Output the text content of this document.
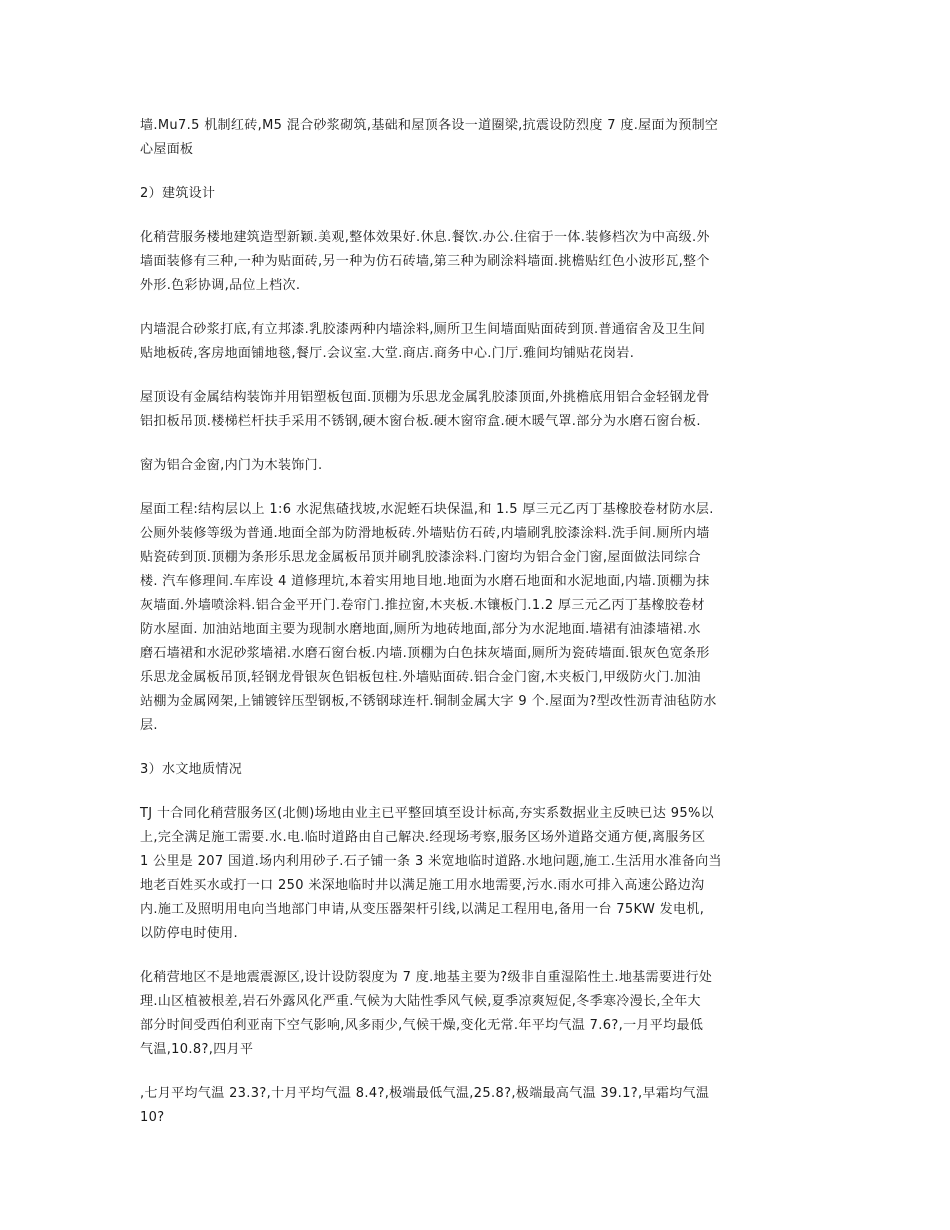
墙.Mu7.5 机制红砖,M5 混合砂浆砌筑,基础和屋顶各设一道圈梁,抗震设防烈度 7 度.屋面为预制空
心屋面板

2）建筑设计

化稍营服务楼地建筑造型新颖.美观,整体效果好.休息.餐饮.办公.住宿于一体.装修档次为中高级.外
墙面装修有三种,一种为贴面砖,另一种为仿石砖墙,第三种为刷涂料墙面.挑檐贴红色小波形瓦,整个
外形.色彩协调,品位上档次.

内墙混合砂浆打底,有立邦漆.乳胶漆两种内墙涂料,厕所卫生间墙面贴面砖到顶.普通宿舍及卫生间
贴地板砖,客房地面铺地毯,餐厅.会议室.大堂.商店.商务中心.门厅.雅间均铺贴花岗岩.

屋顶设有金属结构装饰并用铝塑板包面.顶棚为乐思龙金属乳胶漆顶面,外挑檐底用铝合金轻钢龙骨
铝扣板吊顶.楼梯栏杆扶手采用不锈钢,硬木窗台板.硬木窗帘盒.硬木暖气罩.部分为水磨石窗台板.

窗为铝合金窗,内门为木装饰门.

屋面工程:结构层以上 1:6 水泥焦碴找坡,水泥蛭石块保温,和 1.5 厚三元乙丙丁基橡胶卷材防水层.
公厕外装修等级为普通.地面全部为防滑地板砖.外墙贴仿石砖,内墙刷乳胶漆涂料.洗手间.厕所内墙
贴瓷砖到顶.顶棚为条形乐思龙金属板吊顶并刷乳胶漆涂料.门窗均为铝合金门窗,屋面做法同综合
楼. 汽车修理间.车库设 4 道修理坑,本着实用地目地.地面为水磨石地面和水泥地面,内墙.顶棚为抹
灰墙面.外墙喷涂料.铝合金平开门.卷帘门.推拉窗,木夹板.木镶板门.1.2 厚三元乙丙丁基橡胶卷材
防水屋面. 加油站地面主要为现制水磨地面,厕所为地砖地面,部分为水泥地面.墙裙有油漆墙裙.水
磨石墙裙和水泥砂浆墙裙.水磨石窗台板.内墙.顶棚为白色抹灰墙面,厕所为瓷砖墙面.银灰色宽条形
乐思龙金属板吊顶,轻钢龙骨银灰色铝板包柱.外墙贴面砖.铝合金门窗,木夹板门,甲级防火门.加油
站棚为金属网架,上铺镀锌压型钢板,不锈钢球连杆.铜制金属大字 9 个.屋面为?型改性沥青油毡防水
层.

3）水文地质情况

TJ 十合同化稍营服务区(北侧)场地由业主已平整回填至设计标高,夯实系数据业主反映已达 95%以
上,完全满足施工需要.水.电.临时道路由自己解决.经现场考察,服务区场外道路交通方便,离服务区
1 公里是 207 国道.场内利用砂子.石子铺一条 3 米宽地临时道路.水地问题,施工.生活用水准备向当
地老百姓买水或打一口 250 米深地临时井以满足施工用水地需要,污水.雨水可排入高速公路边沟
内.施工及照明用电向当地部门申请,从变压器架杆引线,以满足工程用电,备用一台 75KW 发电机,
以防停电时使用.

化稍营地区不是地震震源区,设计设防裂度为 7 度.地基主要为?级非自重湿陷性土.地基需要进行处
理.山区植被根差,岩石外露风化严重.气候为大陆性季风气候,夏季凉爽短促,冬季寒冷漫长,全年大
部分时间受西伯利亚南下空气影响,风多雨少,气候干燥,变化无常.年平均气温 7.6?,一月平均最低
气温,10.8?,四月平

,七月平均气温 23.3?,十月平均气温 8.4?,极端最低气温,25.8?,极端最高气温 39.1?,早霜均气温
10?
